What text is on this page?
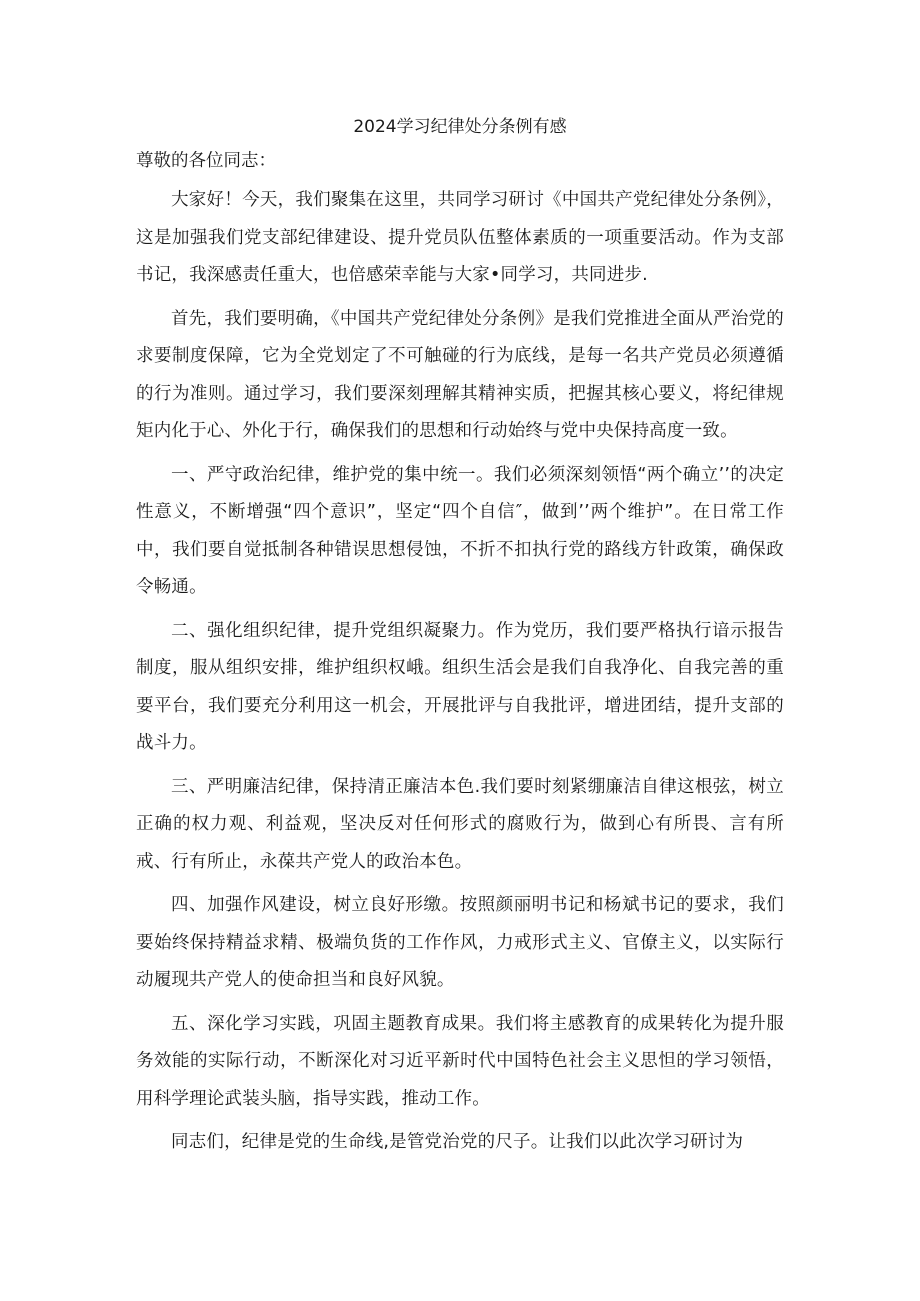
2024学习纪律处分条例有感
尊敬的各位同志：

大家好！今天，我们聚集在这里，共同学习研讨《中国共产党纪律处分条例》，这是加强我们党支部纪律建设、提升党员队伍整体素质的一项重要活动。作为支部书记，我深感责任重大，也倍感荣幸能与大家•同学习，共同进步.

首先，我们要明确，《中国共产党纪律处分条例》是我们党推进全面从严治党的求要制度保障，它为全党划定了不可触碰的行为底线，是每一名共产党员必须遵循的行为准则。通过学习，我们要深刻理解其精神实质，把握其核心要义，将纪律规矩内化于心、外化于行，确保我们的思想和行动始终与党中央保持高度一致。

一、严守政治纪律，维护党的集中统一。我们必须深刻领悟“两个确立’’的决定性意义，不断增强“四个意识”，坚定“四个自信″，做到’’两个维护”。在日常工作中，我们要自觉抵制各种错误思想侵蚀，不折不扣执行党的路线方针政策，确保政令畅通。

二、强化组织纪律，提升党组织凝聚力。作为党历，我们要严格执行谙示报告制度，服从组织安排，维护组织权峨。组织生活会是我们自我净化、自我完善的重要平台，我们要充分利用这一机会，开展批评与自我批评，增进团结，提升支部的战斗力。

三、严明廉洁纪律，保持清正廉洁本色.我们要时刻紧绷廉洁自律这根弦，树立正确的权力观、利益观，坚决反对任何形式的腐败行为，做到心有所畏、言有所戒、行有所止，永葆共产党人的政治本色。

四、加强作风建设，树立良好形缴。按照颜丽明书记和杨斌书记的要求，我们要始终保持精益求精、极端负货的工作作风，力戒形式主义、官僚主义，以实际行动履现共产党人的使命担当和良好风貌。

五、深化学习实践，巩固主题教育成果。我们将主感教育的成果转化为提升服务效能的实际行动，不断深化对习近平新时代中国特色社会主义思怛的学习领悟，用科学理论武装头脑，指导实践，推动工作。

同志们，纪律是党的生命线,是管党治党的尺子。让我们以此次学习研讨为
